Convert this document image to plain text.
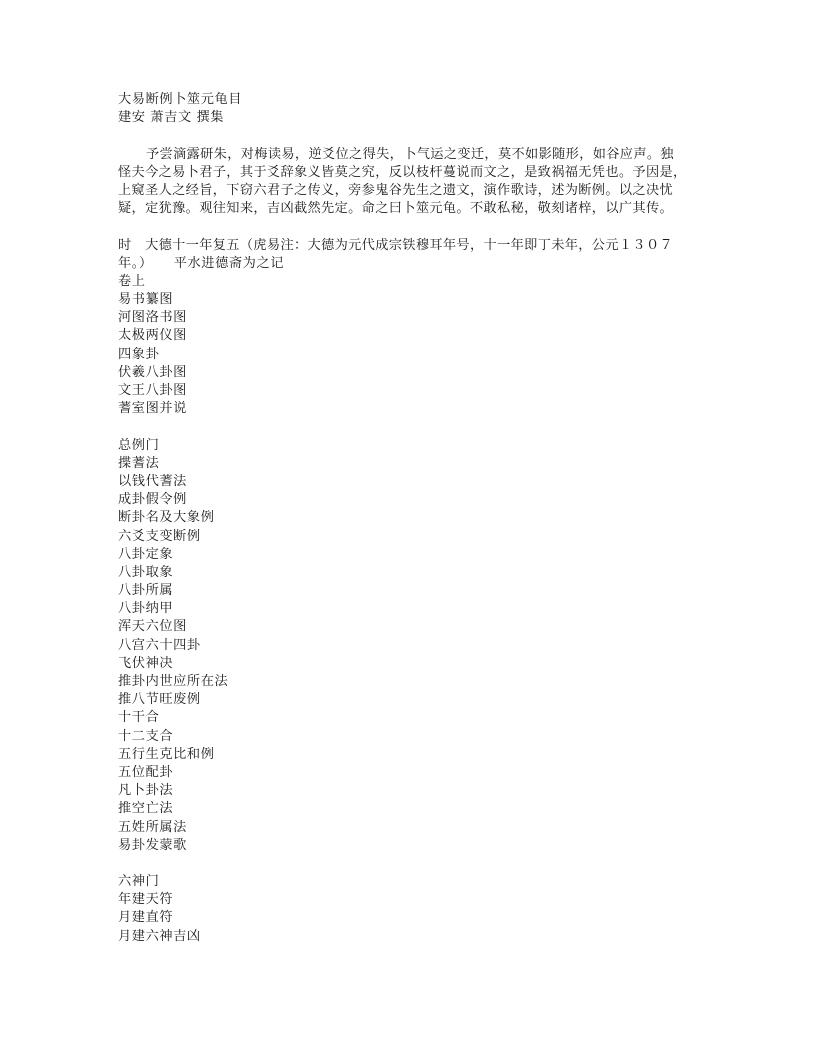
大易断例卜筮元龟目
建安 萧吉文 撰集
予尝滴露研朱，对梅读易，逆爻位之得失，卜气运之变迁，莫不如影随形，如谷应声。独
怪夫今之易卜君子，其于爻辞象义皆莫之究，反以枝杆蔓说而文之，是致祸福无凭也。予因是，
上窥圣人之经旨，下窃六君子之传义，旁参鬼谷先生之遗文，演作歌诗，述为断例。以之决忧
疑，定犹豫。观往知来，吉凶截然先定。命之曰卜筮元龟。不敢私秘，敬刻诸梓，以广其传。
时　大德十一年复五（虎易注：大德为元代成宗铁穆耳年号，十一年即丁未年，公元１３０７
年。）　　平水进德斋为之记
卷上
易书纂图
河图洛书图
太极两仪图
四象卦
伏羲八卦图
文王八卦图
蓍室图并说
总例门
揲蓍法
以钱代蓍法
成卦假令例
断卦名及大象例
六爻支变断例
八卦定象
八卦取象
八卦所属
八卦纳甲
浑天六位图
八宫六十四卦
飞伏神决
推卦内世应所在法
推八节旺废例
十干合
十二支合
五行生克比和例
五位配卦
凡卜卦法
推空亡法
五姓所属法
易卦发蒙歌
六神门
年建天符
月建直符
月建六神吉凶
